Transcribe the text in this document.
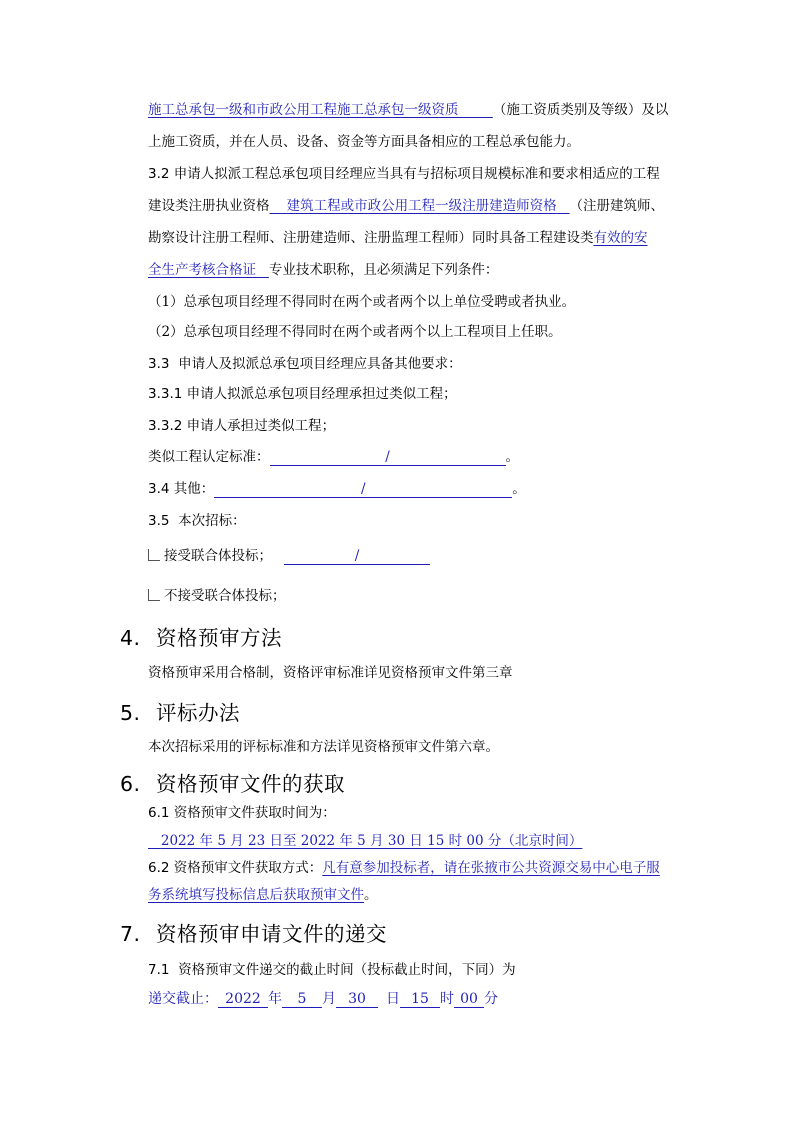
施工总承包一级和市政公用工程施工总承包一级资质	（施工资质类别及等级）及以
上施工资质，并在人员、设备、资金等方面具备相应的工程总承包能力。
3.2 申请人拟派工程总承包项目经理应当具有与招标项目规模标准和要求相适应的工程
建设类注册执业资格 建筑工程或市政公用工程一级注册建造师资格 （注册建筑师、
勘察设计注册工程师、注册建造师、注册监理工程师）同时具备工程建设类有效的安
全生产考核合格证 专业技术职称，且必须满足下列条件：
（1）总承包项目经理不得同时在两个或者两个以上单位受聘或者执业。
（2）总承包项目经理不得同时在两个或者两个以上工程项目上任职。
3.3 申请人及拟派总承包项目经理应具备其他要求：
3.3.1 申请人拟派总承包项目经理承担过类似工程；
3.3.2 申请人承担过类似工程；
类似工程认定标准：	/	。
3.4 其他：	/	。
3.5 本次招标：
接受联合体投标；	/
不接受联合体投标；
4. 资格预审方法
资格预审采用合格制，资格评审标准详见资格预审文件第三章
5. 评标办法
本次招标采用的评标标准和方法详见资格预审文件第六章。
6. 资格预审文件的获取
6.1 资格预审文件获取时间为：
2022 年 5 月 23 日至 2022 年 5 月 30 日 15 时 00 分（北京时间）
6.2 资格预审文件获取方式：凡有意参加投标者，请在张掖市公共资源交易中心电子服
务系统填写投标信息后获取预审文件。
7. 资格预审申请文件的递交
7.1 资格预审文件递交的截止时间（投标截止时间，下同）为
递交截止： 2022 年 5 月 30 日 15 时 00 分
